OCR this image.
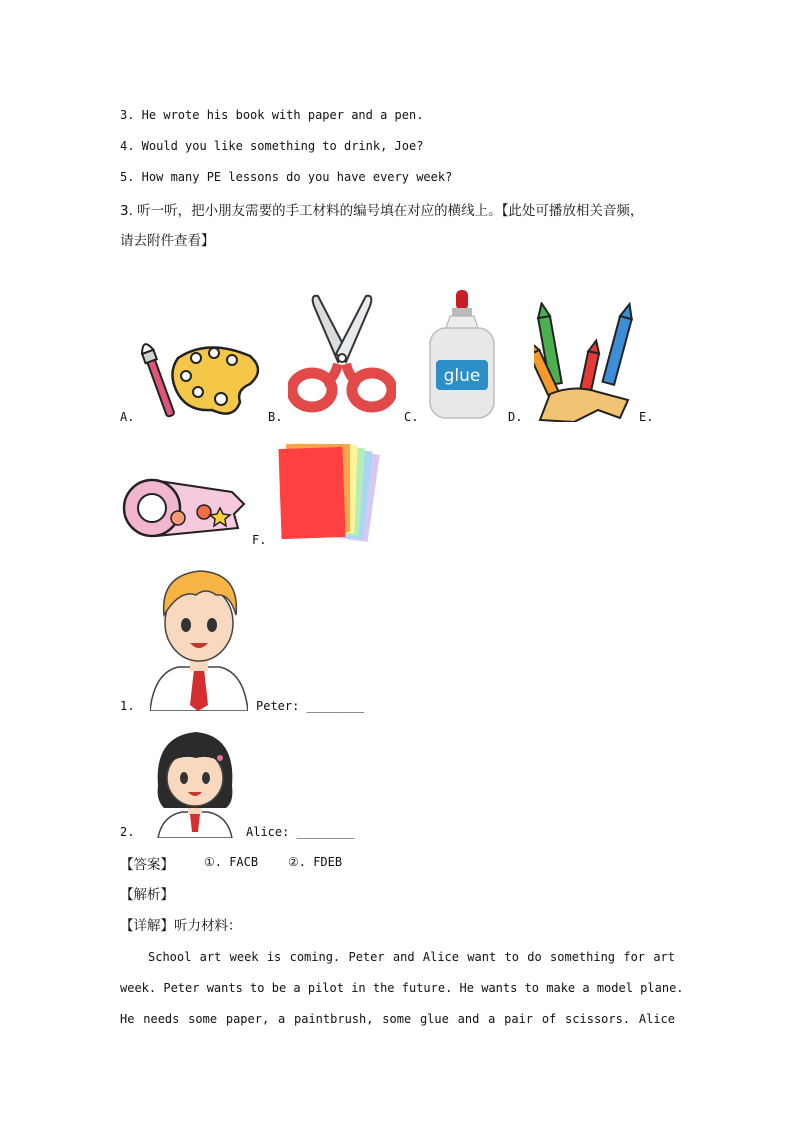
3. He wrote his book with paper and a pen.
4. Would you like something to drink, Joe?
5. How many PE lessons do you have every week?
3. 听一听，把小朋友需要的手工材料的编号填在对应的横线上。【此处可播放相关音频，
请去附件查看】
A.	B.
glue
C.	D.	E.
F.
1.	Peter: ________
2.	Alice: ________
【答案】	①. FACB ②. FDEB
【解析】
【详解】听力材料：
School art week is coming. Peter and Alice want to do something for art
week. Peter wants to be a pilot in the future. He wants to make a model plane.
He needs some paper, a paintbrush, some glue and a pair of scissors. Alice
